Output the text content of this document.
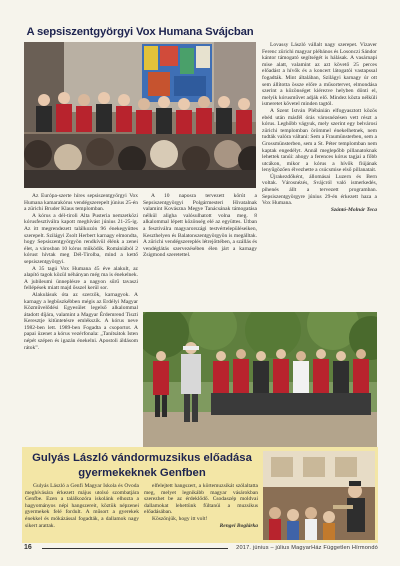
A sepsiszentgyörgyi Vox Humana Svájcban

Az Európa-szerte híres sepsiszentgyörgyi Vox Humana kamarakórus vendégszerepelt június 25-én a zürichi Bruder Klaus templomban.

A kórus a dél-tiroli Alta Pusteria nemzetközi kórusfesztiválra kapott meghívást június 21-25-ig. Az itt megrendezett találkozón 96 énekegyüttes szerepelt. Szilágyi Zsolt Herbert karnagy elmondta, hogy Sepsiszentgyörgyön rendkívül élénk a zenei élet, a városban 10 kórus működik. Romániából 2 kórust hívtak meg Dél-Tirolba, mind a kettő sepsiszentgyörgyi.

A 35 tagú Vox Humana 45 éve alakult, az alapító tagok közül néhányan még ma is énekelnek. A jubileumi ünneplésre a nagyon sűrű tavaszi fellépések miatt majd ősszel kerül sor.

Alakulásuk óta az szerzők, karnagyok. A karnagy a legbüszkébben mégis az Erdélyi Magyar Közművelődési Egyesület legelső alkalommal átadott díjára, valamint a Magyar Érdemrend Tiszti Keresztje kitüntetésre emlékszik. A kórus neve 1982-ben lett. 1989-ben Fogadta a csoportot. A papai üzenet a kórus vezérfonala: „Tanítsátok Isten népét szépen és igazán énekelni. Apostoli áldásom rátok”.

A 10 naposra tervezett körút a Sepsiszentgyörgyi Polgármesteri Hivatalnak valamint Kovászna Megye Tanácsának támogatása nélkül aligha valósulhatott volna meg. 8 alkalommal lépett közönség elé az együttes. Útban a fesztiválra magyarországi testvértelepüléseiken, Keszthelyen és Balatonszentgyörgyön is megálltak. A zürichi vendégszereplés létrejöttében, a szállás és vendéglátás szervezésében élen járt a karnagy Zsigmond szeretettel.

Lovassy László vállalt nagy szerepet. Vizaver Ferenc zürichi magyar plébános és Losonczi Sándor kántor támogató segítségét is hálásak. A vasárnapi mise alatt, valamint az azt követő 25 perces előadást a hívők és a koncert látogatói vastapssal fogadták. Mint általában, Szilágyi karnagy úr ott sem állította össze előre a műsortervet, elmondása szerint a közönséget kiérezve helyben dönti el, melyik kórusművet adják elő. Mindez közta nélküli ismeretet követel minden tagtól.

A Szent István Plébánián elfogyasztott közös ebéd után másfél órás városnézésen vett részt a kórus. Leghőbb vágyuk, mely szerint egy belvárosi zürichi templomban örömmel énekelhetnek, nem tudták valóra váltani: Sem a Fraumünsterben, sem a Grossmünsterben, sem a St. Péter templomban nem kaptak engedélyt. Annál meglepőbb pillanatoknak lehettek tanúi: ahogy a ferences kórus tagjai a főbb utcákon, mikor a kórus a hívők fiújának lenyűgözően élvezhette a csúcsmise első pillanatait.

Újrakezdőként, állomásai Luzern és Bern voltak. Városnézés, Svájcról való ismerkedés, pihenés állt a tervezett programban. Sepsiszentgyörgyre június 29-én érkezett haza a Vox Humana.

Szántó-Molnár Teca

Gulyás László vándormuzsikus előadása gyermekeknek Genfben

Gulyás László a Genfi Magyar Iskola és Óvoda meghívására érkezett május utolsó szombatjára Genfbe. Ezen a találkozóra iskolánk elhozta a hagyományos népi hangszereit, köztük népzenei gyermekek felé fordult. A műsort a gyerekek énekkel és mókázással fogadták, a dallamok nagy sikert arattak.

elfelejtett hangszert, a körtemuzsikát szólaltatta meg, melyet legnikább magyar vásárokban szerezhet be az érdeklődő. Csodaszép moldvai dallamokat lehettünk fültanúi a muzsikus előadásában.

Köszönjük, hogy itt volt!

Rengei Boglárka

16	2017. június – július MagyarHáz Független Hírmondó
